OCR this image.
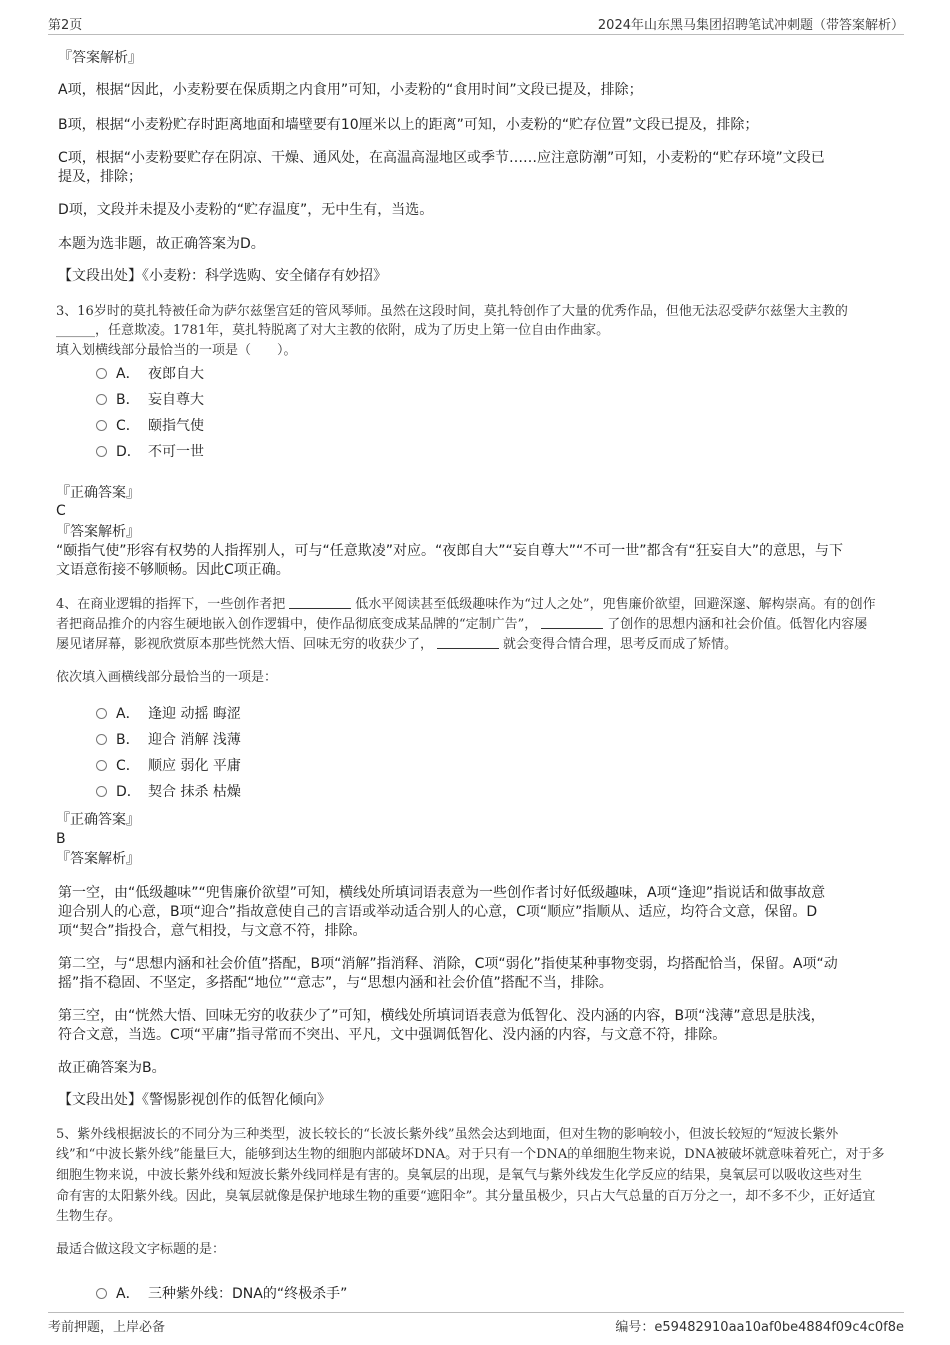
第2页	2024年山东黑马集团招聘笔试冲刺题（带答案解析）
『答案解析』
A项，根据“因此，小麦粉要在保质期之内食用”可知，小麦粉的“食用时间”文段已提及，排除；
B项，根据“小麦粉贮存时距离地面和墙壁要有10厘米以上的距离”可知，小麦粉的“贮存位置”文段已提及，排除；
C项，根据“小麦粉要贮存在阴凉、干燥、通风处，在高温高湿地区或季节……应注意防潮”可知，小麦粉的“贮存环境”文段已
提及，排除；
D项，文段并未提及小麦粉的“贮存温度”，无中生有，当选。
本题为选非题，故正确答案为D。
【文段出处】《小麦粉：科学选购、安全储存有妙招》
3、16岁时的莫扎特被任命为萨尔兹堡宫廷的管风琴师。虽然在这段时间，莫扎特创作了大量的优秀作品，但他无法忍受萨尔兹堡大主教的
______，任意欺凌。1781年，莫扎特脱离了对大主教的依附，成为了历史上第一位自由作曲家。
填入划横线部分最恰当的一项是（　　）。
A． 夜郎自大
B． 妄自尊大
C． 颐指气使
D． 不可一世
『正确答案』
C
『答案解析』
“颐指气使”形容有权势的人指挥别人，可与“任意欺凌”对应。“夜郎自大”“妄自尊大”“不可一世”都含有“狂妄自大”的意思，与下
文语意衔接不够顺畅。因此C项正确。
4、在商业逻辑的指挥下，一些创作者把	低水平阅读甚至低级趣味作为“过人之处”，兜售廉价欲望，回避深邃、解构崇高。有的创作
者把商品推介的内容生硬地嵌入创作逻辑中，使作品彻底变成某品牌的“定制广告”，	了创作的思想内涵和社会价值。低智化内容屡
屡见诸屏幕，影视欣赏原本那些恍然大悟、回味无穷的收获少了，	就会变得合情合理，思考反而成了矫情。
依次填入画横线部分最恰当的一项是：
A． 逢迎 动摇 晦涩
B． 迎合 消解 浅薄
C． 顺应 弱化 平庸
D． 契合 抹杀 枯燥
『正确答案』
B
『答案解析』
第一空，由“低级趣味”“兜售廉价欲望”可知，横线处所填词语表意为一些创作者讨好低级趣味，A项“逢迎”指说话和做事故意
迎合别人的心意，B项“迎合”指故意使自己的言语或举动适合别人的心意，C项“顺应”指顺从、适应，均符合文意，保留。D
项“契合”指投合，意气相投，与文意不符，排除。
第二空，与“思想内涵和社会价值”搭配，B项“消解”指消释、消除，C项“弱化”指使某种事物变弱，均搭配恰当，保留。A项“动
摇”指不稳固、不坚定，多搭配“地位”“意志”，与“思想内涵和社会价值”搭配不当，排除。
第三空，由“恍然大悟、回味无穷的收获少了”可知，横线处所填词语表意为低智化、没内涵的内容，B项“浅薄”意思是肤浅，
符合文意，当选。C项“平庸”指寻常而不突出、平凡，文中强调低智化、没内涵的内容，与文意不符，排除。
故正确答案为B。
【文段出处】《警惕影视创作的低智化倾向》
5、紫外线根据波长的不同分为三种类型，波长较长的“长波长紫外线”虽然会达到地面，但对生物的影响较小，但波长较短的“短波长紫外
线”和“中波长紫外线”能量巨大，能够到达生物的细胞内部破坏DNA。对于只有一个DNA的单细胞生物来说，DNA被破坏就意味着死亡，对于多
细胞生物来说，中波长紫外线和短波长紫外线同样是有害的。臭氧层的出现，是氧气与紫外线发生化学反应的结果，臭氧层可以吸收这些对生
命有害的太阳紫外线。因此，臭氧层就像是保护地球生物的重要“遮阳伞”。其分量虽极少，只占大气总量的百万分之一，却不多不少，正好适宜
生物生存。
最适合做这段文字标题的是：
A． 三种紫外线：DNA的“终极杀手”
考前押题，上岸必备	编号：e59482910aa10af0be4884f09c4c0f8e
